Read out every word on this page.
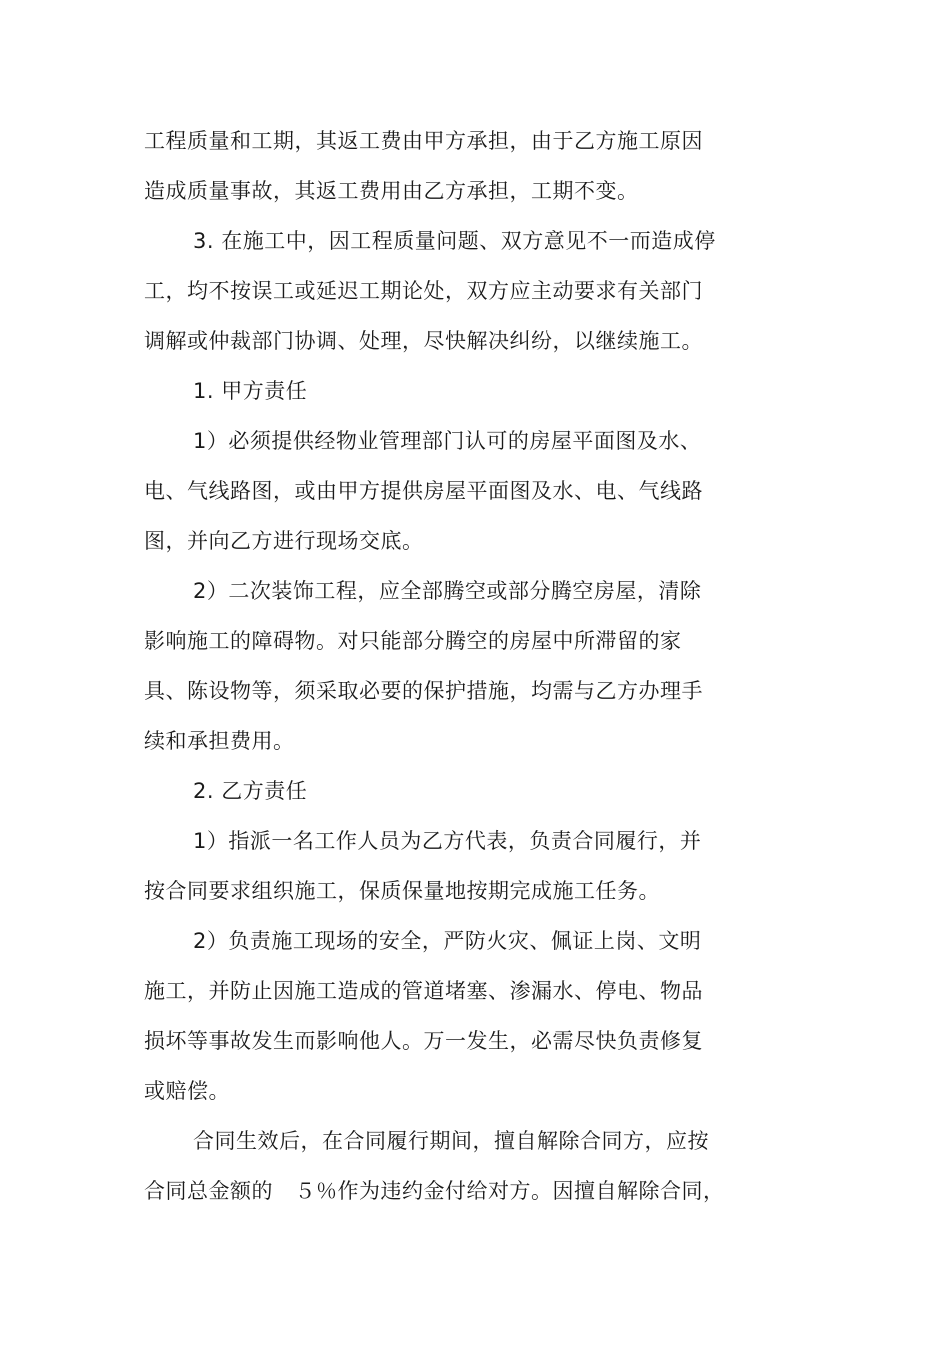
工程质量和工期，其返工费由甲方承担，由于乙方施工原因
造成质量事故，其返工费用由乙方承担，工期不变。
3. 在施工中，因工程质量问题、双方意见不一而造成停
工，均不按误工或延迟工期论处，双方应主动要求有关部门
调解或仲裁部门协调、处理，尽快解决纠纷，以继续施工。
1. 甲方责任
1）必须提供经物业管理部门认可的房屋平面图及水、
电、气线路图，或由甲方提供房屋平面图及水、电、气线路
图，并向乙方进行现场交底。
2）二次装饰工程，应全部腾空或部分腾空房屋，清除
影响施工的障碍物。对只能部分腾空的房屋中所滞留的家
具、陈设物等，须采取必要的保护措施，均需与乙方办理手
续和承担费用。
2. 乙方责任
1）指派一名工作人员为乙方代表，负责合同履行，并
按合同要求组织施工，保质保量地按期完成施工任务。
2）负责施工现场的安全，严防火灾、佩证上岗、文明
施工，并防止因施工造成的管道堵塞、渗漏水、停电、物品
损坏等事故发生而影响他人。万一发生，必需尽快负责修复
或赔偿。
合同生效后，在合同履行期间，擅自解除合同方，应按
合同总金额的　５％作为违约金付给对方。因擅自解除合同，
